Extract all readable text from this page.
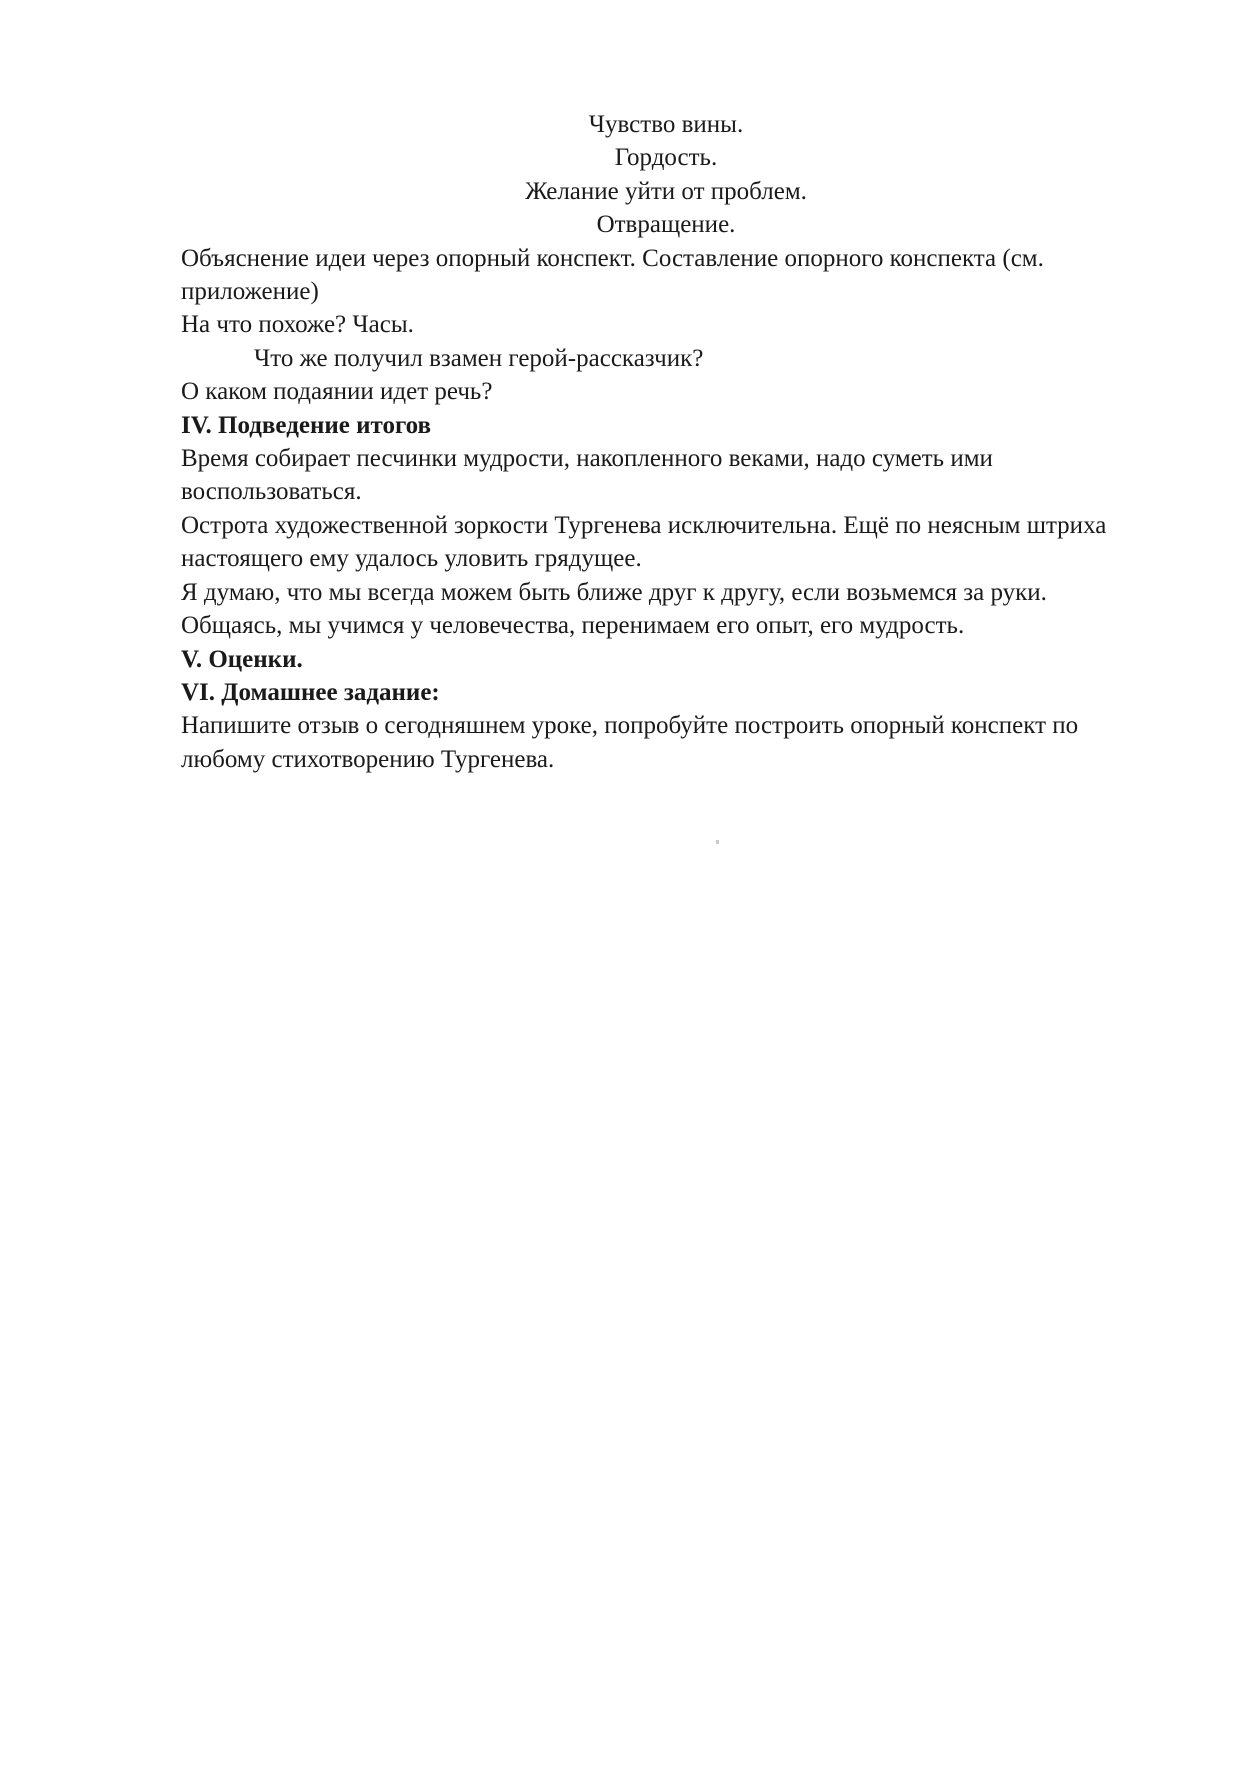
Чувство вины.

Гордость.

Желание уйти от проблем.

Отвращение.

Объяснение идеи через опорный конспект. Составление опорного конспекта (см. приложение)

На что похоже? Часы.

Что же получил взамен герой-рассказчик?

О каком подаянии идет речь?

IV. Подведение итогов

Время собирает песчинки мудрости, накопленного веками, надо суметь ими воспользоваться.

Острота художественной зоркости Тургенева исключительна. Ещё по неясным штриха настоящего ему удалось уловить грядущее.

Я думаю, что мы всегда можем быть ближе друг к другу, если возьмемся за руки. Общаясь, мы учимся у человечества, перенимаем его опыт, его мудрость.

V. Оценки.

VI. Домашнее задание:

Напишите отзыв о сегодняшнем уроке, попробуйте построить опорный конспект по любому стихотворению Тургенева.
